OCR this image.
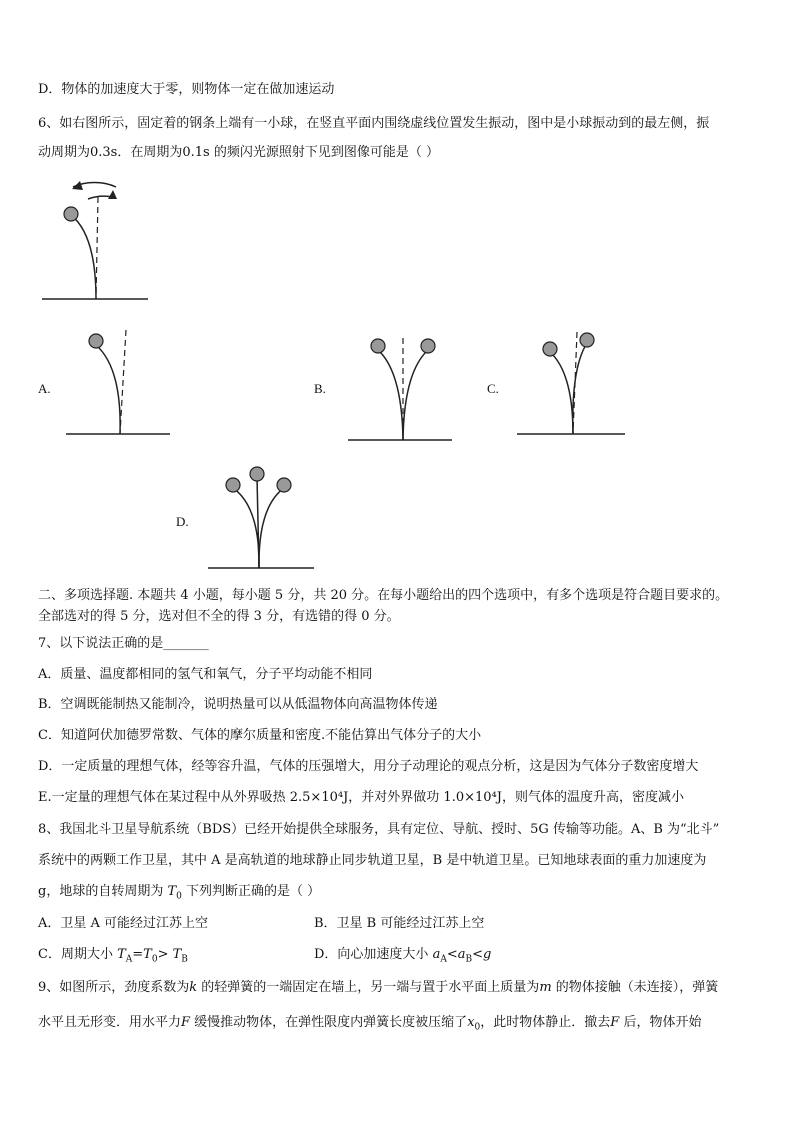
D．物体的加速度大于零，则物体一定在做加速运动
6、如右图所示，固定着的钢条上端有一小球，在竖直平面内围绕虚线位置发生振动，图中是小球振动到的最左侧，振
动周期为0.3s．在周期为0.1s 的频闪光源照射下见到图像可能是（ ）
A.	B.	C.
D.
二、多项选择题. 本题共 4 小题，每小题 5 分，共 20 分。在每小题给出的四个选项中，有多个选项是符合题目要求的。
全部选对的得 5 分，选对但不全的得 3 分，有选错的得 0 分。
7、以下说法正确的是_______
A．质量、温度都相同的氢气和氧气，分子平均动能不相同
B．空调既能制热又能制冷，说明热量可以从低温物体向高温物体传递
C．知道阿伏加德罗常数、气体的摩尔质量和密度.不能估算出气体分子的大小
D．一定质量的理想气体，经等容升温，气体的压强增大，用分子动理论的观点分析，这是因为气体分子数密度增大
E.一定量的理想气体在某过程中从外界吸热 2.5×10⁴J，并对外界做功 1.0×10⁴J，则气体的温度升高，密度减小
8、我国北斗卫星导航系统（BDS）已经开始提供全球服务，具有定位、导航、授时、5G 传输等功能。A、B 为“北斗”
系统中的两颗工作卫星，其中 A 是高轨道的地球静止同步轨道卫星，B 是中轨道卫星。已知地球表面的重力加速度为
g，地球的自转周期为 $T_0$ 下列判断正确的是（ ）
A．卫星 A 可能经过江苏上空	B．卫星 B 可能经过江苏上空
C．周期大小 $T_A=T_0> T_B$	D．向心加速度大小 $a_A<a_B<g$
9、如图所示，劲度系数为k 的轻弹簧的一端固定在墙上，另一端与置于水平面上质量为m 的物体接触（未连接），弹簧
水平且无形变．用水平力F 缓慢推动物体，在弹性限度内弹簧长度被压缩了$x_0$，此时物体静止．撤去F 后，物体开始
